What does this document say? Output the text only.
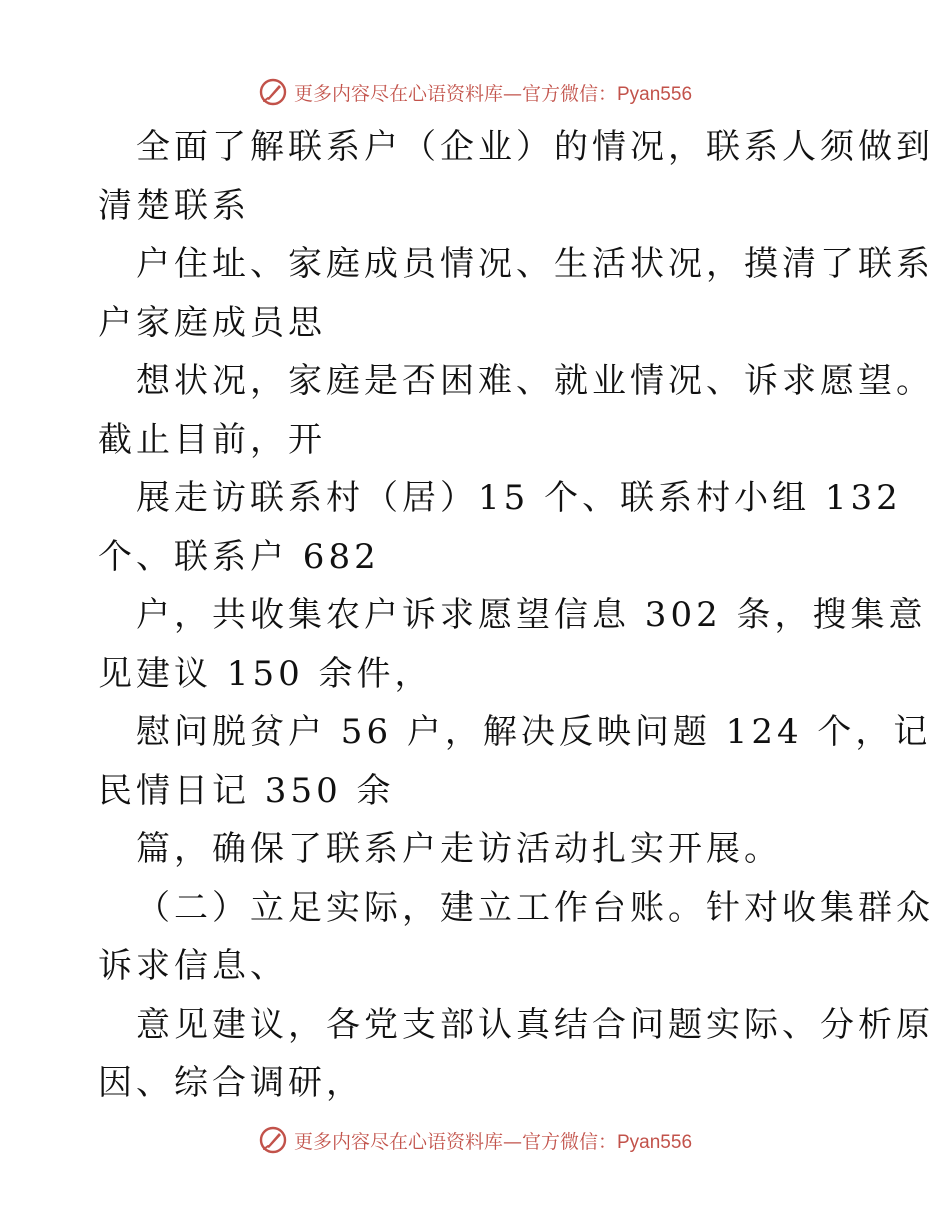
更多内容尽在心语资料库—官方微信：Pyan556
全面了解联系户（企业）的情况，联系人须做到
清楚联系
户住址、家庭成员情况、生活状况，摸清了联系
户家庭成员思
想状况，家庭是否困难、就业情况、诉求愿望。
截止目前，开
展走访联系村（居）15 个、联系村小组 132
个、联系户 682
户，共收集农户诉求愿望信息 302 条，搜集意
见建议 150 余件，
慰问脱贫户 56 户，解决反映问题 124 个，记
民情日记 350 余
篇，确保了联系户走访活动扎实开展。
（二）立足实际，建立工作台账。针对收集群众
诉求信息、
意见建议，各党支部认真结合问题实际、分析原
因、综合调研，
更多内容尽在心语资料库—官方微信：Pyan556
